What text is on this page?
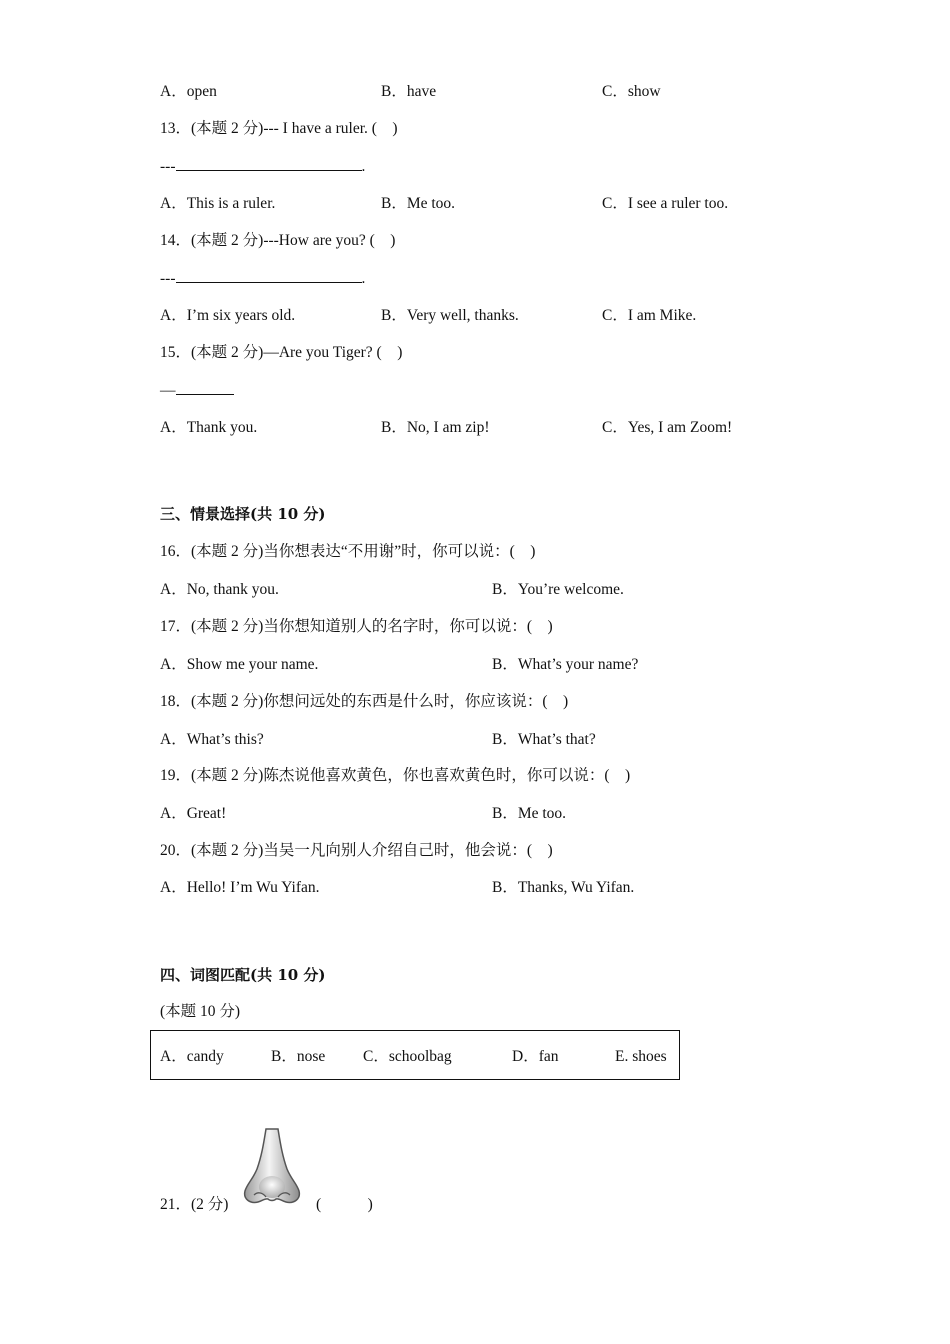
A．open	B．have	C．show
13．(本题 2 分)--- I have a ruler. (　)
---	.
A．This is a ruler.	B．Me too.	C．I see a ruler too.
14．(本题 2 分)---How are you? (　)
---	.
A．I’m six years old.	B．Very well, thanks.	C．I am Mike.
15．(本题 2 分)—Are you Tiger? (　)
—
A．Thank you.	B．No, I am zip!	C．Yes, I am Zoom!
三、情景选择(共 10 分)
16．(本题 2 分)当你想表达“不用谢”时，你可以说：(　)
A．No, thank you.	B．You’re welcome.
17．(本题 2 分)当你想知道别人的名字时，你可以说：(　)
A．Show me your name.	B．What’s your name?
18．(本题 2 分)你想问远处的东西是什么时，你应该说：(　)
A．What’s this?	B．What’s that?
19．(本题 2 分)陈杰说他喜欢黄色，你也喜欢黄色时，你可以说：(　)
A．Great!	B．Me too.
20．(本题 2 分)当吴一凡向别人介绍自己时，他会说：(　)
A．Hello! I’m Wu Yifan.	B．Thanks, Wu Yifan.
四、词图匹配(共 10 分)
(本题 10 分)
A．candy	B．nose C．schoolbag	D．fan	E. shoes
21．(2 分)	(　　　)
